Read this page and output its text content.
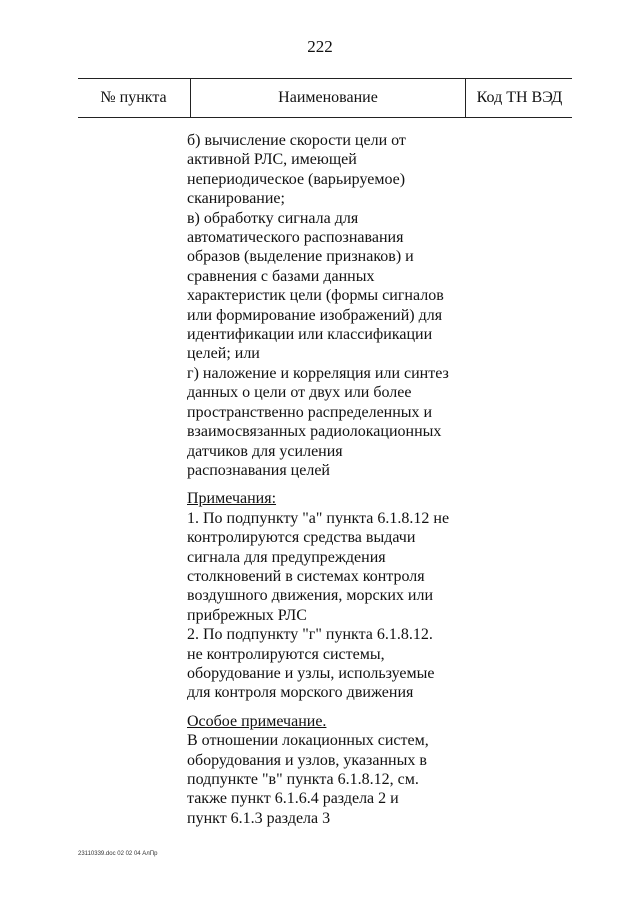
222
№ пункта	Наименование	Код ТН ВЭД
б) вычисление скорости цели от
активной РЛС, имеющей
непериодическое (варьируемое)
сканирование;
в) обработку сигнала для
автоматического распознавания
образов (выделение признаков) и
сравнения с базами данных
характеристик цели (формы сигналов
или формирование изображений) для
идентификации или классификации
целей; или
г) наложение и корреляция или синтез
данных о цели от двух или более
пространственно распределенных и
взаимосвязанных радиолокационных
датчиков для усиления
распознавания целей
Примечания:
1. По подпункту "а" пункта 6.1.8.12 не
контролируются средства выдачи
сигнала для предупреждения
столкновений в системах контроля
воздушного движения, морских или
прибрежных РЛС
2. По подпункту "г" пункта 6.1.8.12.
не контролируются системы,
оборудование и узлы, используемые
для контроля морского движения
Особое примечание.
В отношении локационных систем,
оборудования и узлов, указанных в
подпункте "в" пункта 6.1.8.12, см.
также пункт 6.1.6.4 раздела 2 и
пункт 6.1.3 раздела 3
23110339.doc 02 02 04 АлПр
